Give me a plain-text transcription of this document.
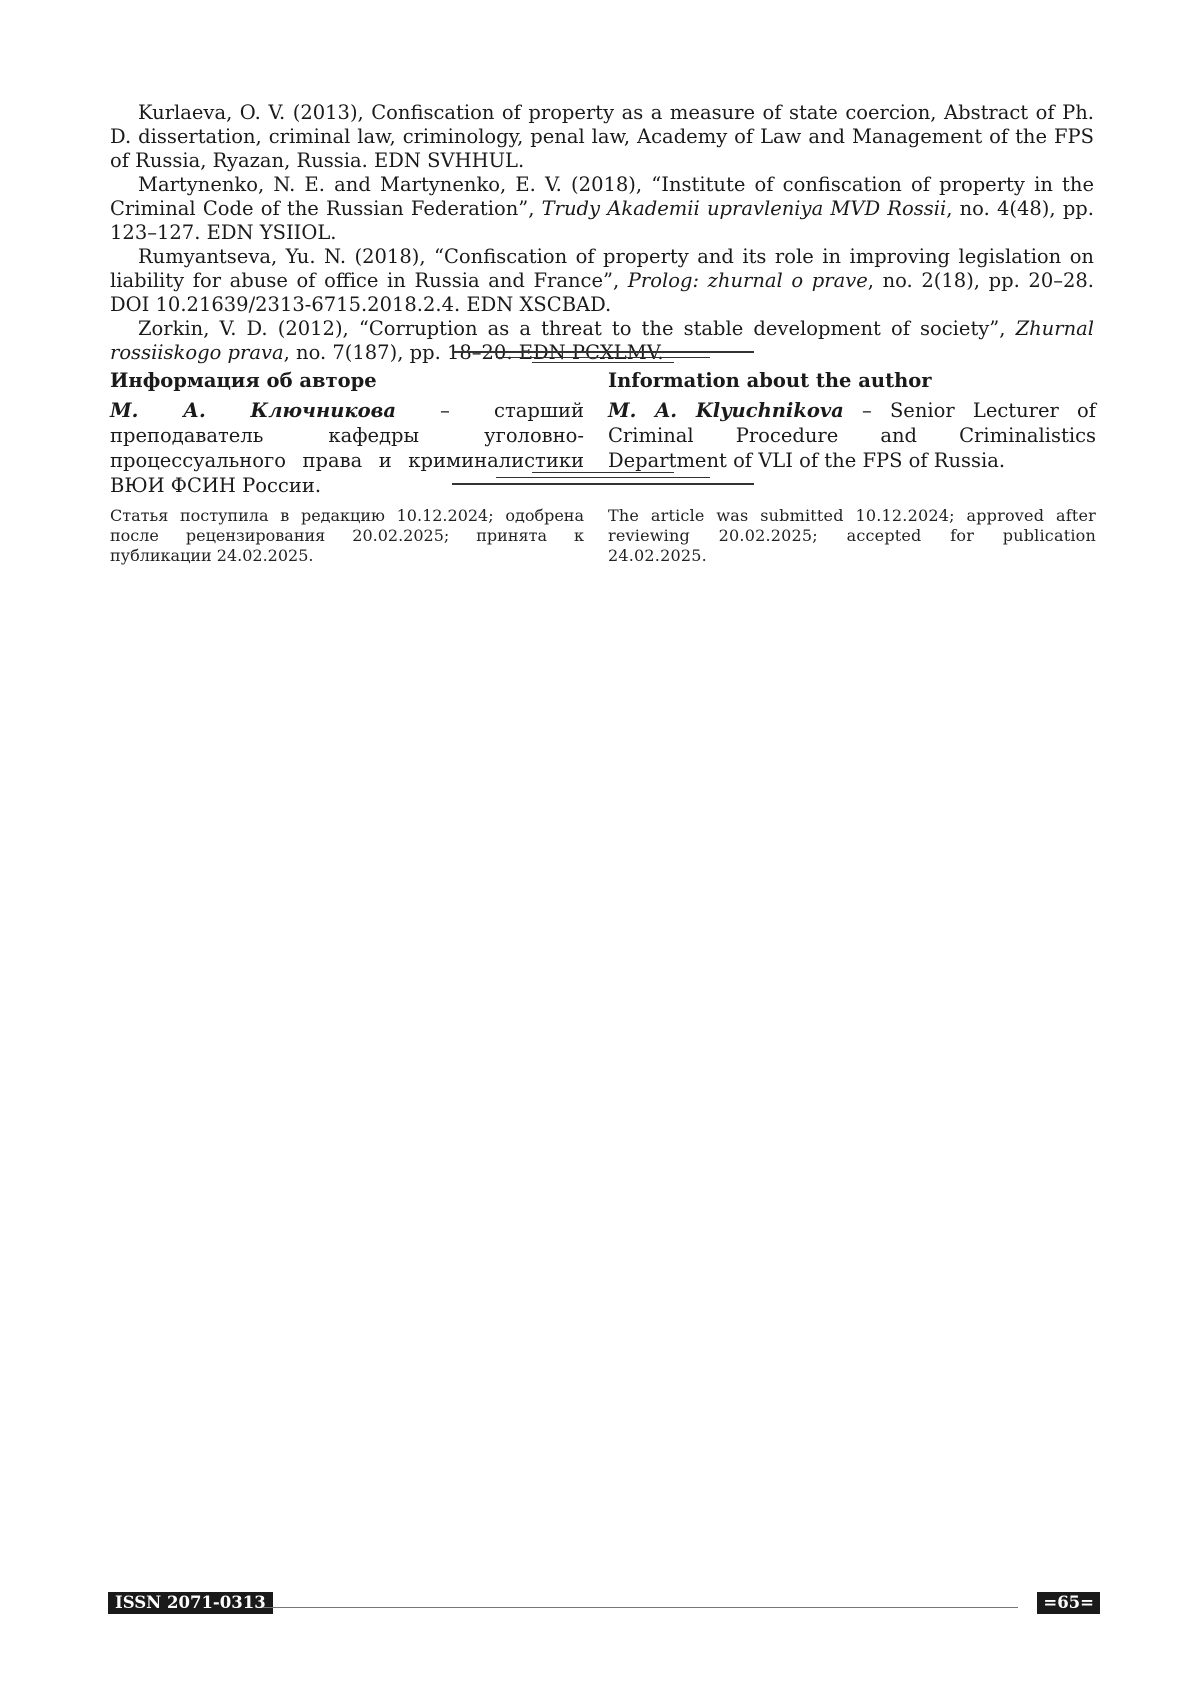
Kurlaeva, O. V. (2013), Confiscation of property as a measure of state coercion, Abstract of Ph. D. dissertation, criminal law, criminology, penal law, Academy of Law and Management of the FPS of Russia, Ryazan, Russia. EDN SVHHUL.

Martynenko, N. E. and Martynenko, E. V. (2018), “Institute of confiscation of property in the Criminal Code of the Russian Federation”, Trudy Akademii upravleniya MVD Rossii, no. 4(48), pp. 123–127. EDN YSIIOL.

Rumyantseva, Yu. N. (2018), “Confiscation of property and its role in improving legislation on liability for abuse of office in Russia and France”, Prolog: zhurnal o prave, no. 2(18), pp. 20–28. DOI 10.21639/2313-6715.2018.2.4. EDN XSCBAD.

Zorkin, V. D. (2012), “Corruption as a threat to the stable development of society”, Zhurnal rossiiskogo prava, no. 7(187), pp. 18–20. EDN PCXLMV.

Информация об авторе

М. А. Ключникова – старший преподаватель кафедры уголовно-процессуального права и криминалистики ВЮИ ФСИН России.

Information about the author

M. A. Klyuchnikova – Senior Lecturer of Criminal Procedure and Criminalistics Department of VLI of the FPS of Russia.

Статья поступила в редакцию 10.12.2024; одобрена после рецензирования 20.02.2025; принята к публикации 24.02.2025.
The article was submitted 10.12.2024; approved after reviewing 20.02.2025; accepted for publication 24.02.2025.
ISSN 2071-0313	=65=
